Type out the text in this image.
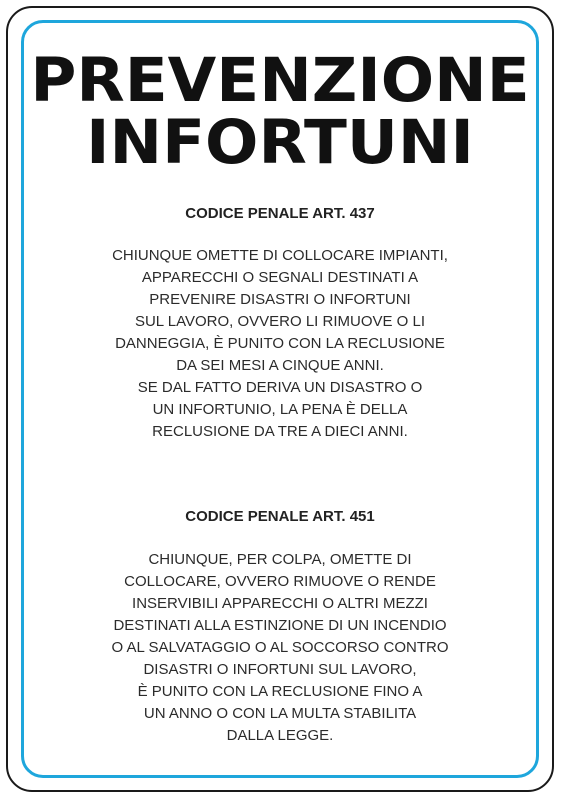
PREVENZIONE
INFORTUNI
CODICE PENALE ART. 437
CHIUNQUE OMETTE DI COLLOCARE IMPIANTI,
APPARECCHI O SEGNALI DESTINATI A
PREVENIRE DISASTRI O INFORTUNI
SUL LAVORO, OVVERO LI RIMUOVE O LI
DANNEGGIA, È PUNITO CON LA RECLUSIONE
DA SEI MESI A CINQUE ANNI.
SE DAL FATTO DERIVA UN DISASTRO O
UN INFORTUNIO, LA PENA È DELLA
RECLUSIONE DA TRE A DIECI ANNI.
CODICE PENALE ART. 451
CHIUNQUE, PER COLPA, OMETTE DI
COLLOCARE, OVVERO RIMUOVE O RENDE
INSERVIBILI APPARECCHI O ALTRI MEZZI
DESTINATI ALLA ESTINZIONE DI UN INCENDIO
O AL SALVATAGGIO O AL SOCCORSO CONTRO
DISASTRI O INFORTUNI SUL LAVORO,
È PUNITO CON LA RECLUSIONE FINO A
UN ANNO O CON LA MULTA STABILITA
DALLA LEGGE.
